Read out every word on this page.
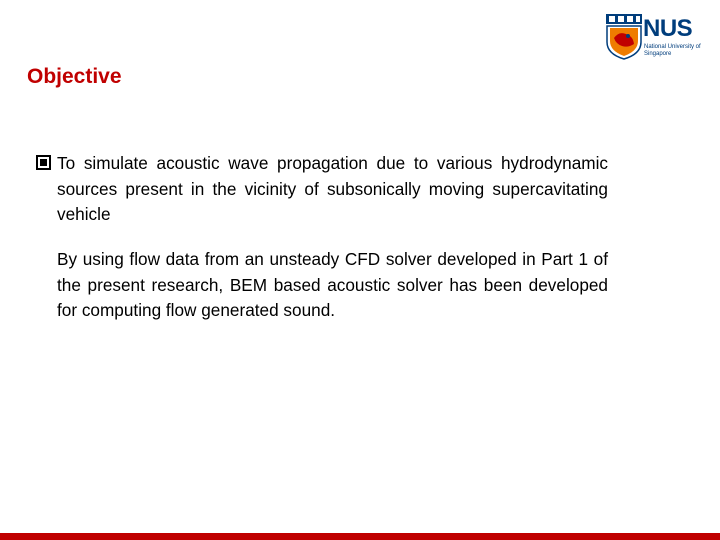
NUS
National University of Singapore
Objective

To simulate acoustic wave propagation due to various hydrodynamic sources present in the vicinity of subsonically moving supercavitating vehicle

By using flow data from an unsteady CFD solver developed in Part 1 of the present research, BEM based acoustic solver has been developed for computing flow generated sound.
